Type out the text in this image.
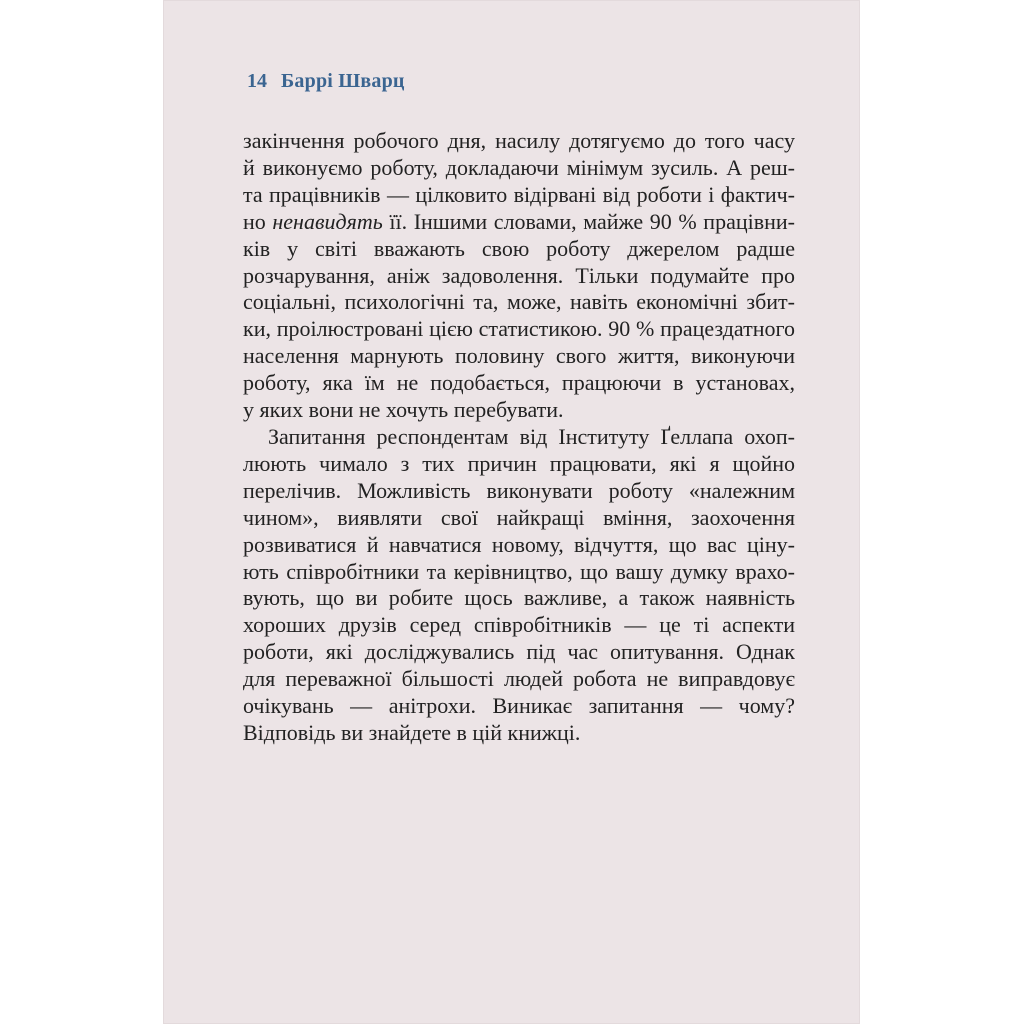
14 Баррі Шварц
закінчення робочого дня, насилу дотягуємо до того часу
й виконуємо роботу, докладаючи мінімум зусиль. А реш-
та працівників — цілковито відірвані від роботи і фактич-
но ненавидять її. Іншими словами, майже 90 % працівни-
ків у світі вважають свою роботу джерелом радше
розчарування, аніж задоволення. Тільки подумайте про
соціальні, психологічні та, може, навіть економічні збит-
ки, проілюстровані цією статистикою. 90 % працездатного
населення марнують половину свого життя, виконуючи
роботу, яка їм не подобається, працюючи в установах,
у яких вони не хочуть перебувати.
Запитання респондентам від Інституту Ґеллапа охоп-
люють чимало з тих причин працювати, які я щойно
перелічив. Можливість виконувати роботу «належним
чином», виявляти свої найкращі вміння, заохочення
розвиватися й навчатися новому, відчуття, що вас ціну-
ють співробітники та керівництво, що вашу думку врахо-
вують, що ви робите щось важливе, а також наявність
хороших друзів серед співробітників — це ті аспекти
роботи, які досліджувались під час опитування. Однак
для переважної більшості людей робота не виправдовує
очікувань — анітрохи. Виникає запитання — чому?
Відповідь ви знайдете в цій книжці.
